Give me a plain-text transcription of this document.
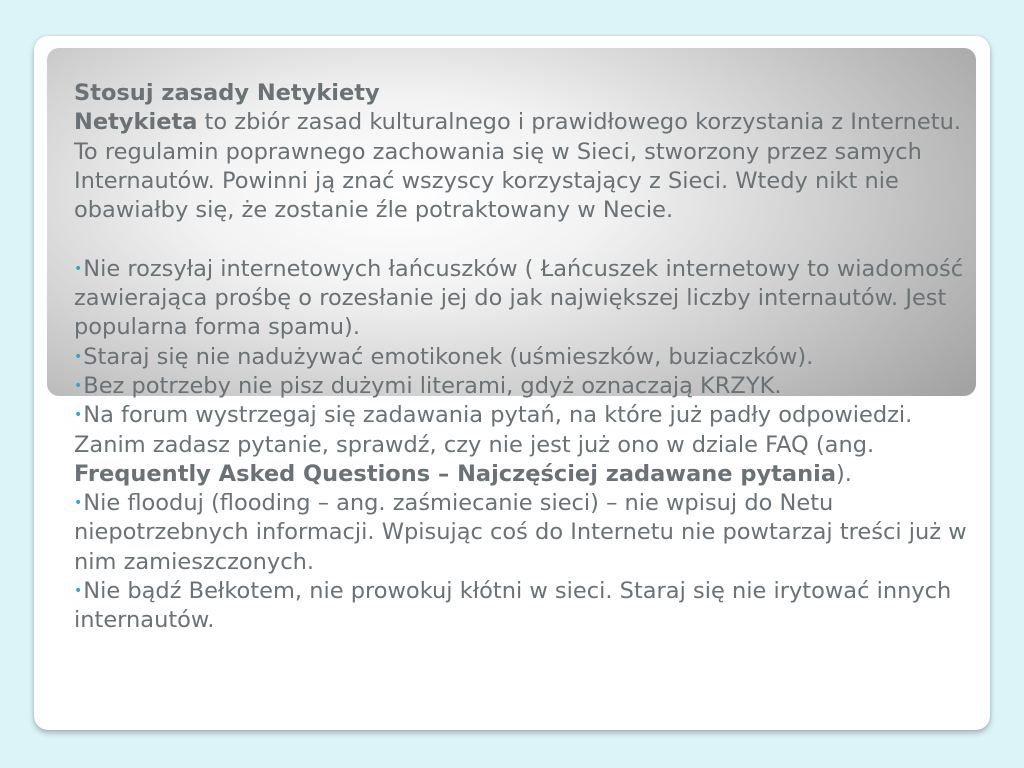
Stosuj zasady Netykiety

Netykieta to zbiór zasad kulturalnego i prawidłowego korzystania z Internetu. To regulamin poprawnego zachowania się w Sieci, stworzony przez samych Internautów. Powinni ją znać wszyscy korzystający z Sieci. Wtedy nikt nie obawiałby się, że zostanie źle potraktowany w Necie.

•Nie rozsyłaj internetowych łańcuszków ( Łańcuszek internetowy to wiadomość zawierająca prośbę o rozesłanie jej do jak największej liczby internautów. Jest popularna forma spamu).

•Staraj się nie nadużywać emotikonek (uśmieszków, buziaczków).

•Bez potrzeby nie pisz dużymi literami, gdyż oznaczają KRZYK.

•Na forum wystrzegaj się zadawania pytań, na które już padły odpowiedzi. Zanim zadasz pytanie, sprawdź, czy nie jest już ono w dziale FAQ (ang. Frequently Asked Questions – Najczęściej zadawane pytania).

•Nie flooduj (flooding – ang. zaśmiecanie sieci) – nie wpisuj do Netu niepotrzebnych informacji. Wpisując coś do Internetu nie powtarzaj treści już w nim zamieszczonych.

•Nie bądź Bełkotem, nie prowokuj kłótni w sieci. Staraj się nie irytować innych internautów.
